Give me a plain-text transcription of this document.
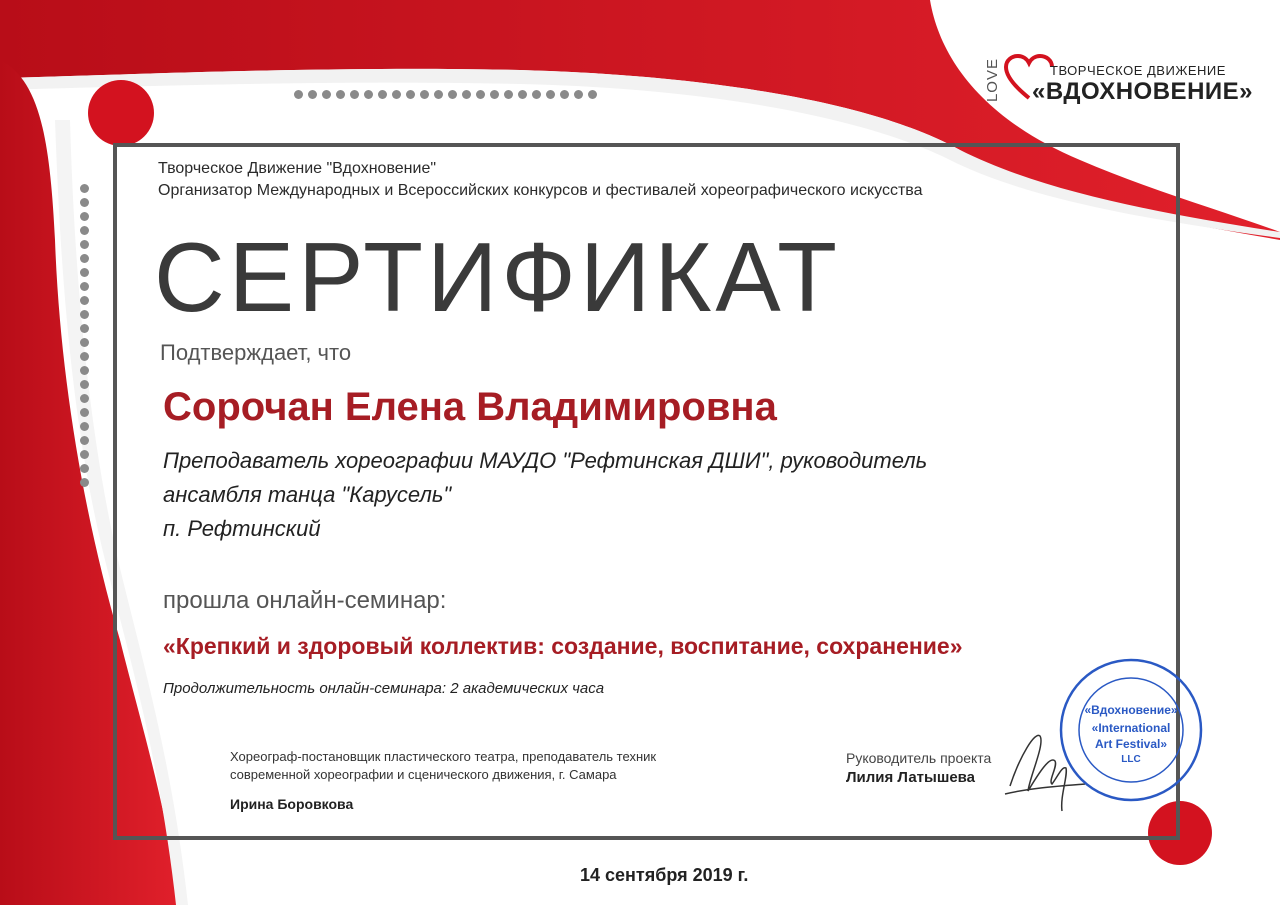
LOVE	ТВОРЧЕСКОЕ ДВИЖЕНИЕ
«ВДОХНОВЕНИЕ»
Творческое Движение "Вдохновение"
Организатор Международных и Всероссийских конкурсов и фестивалей хореографического искусства
СЕРТИФИКАТ
Подтверждает, что
Сорочан Елена Владимировна
Преподаватель хореографии МАУДО "Рефтинская ДШИ", руководитель
ансамбля танца "Карусель"
п. Рефтинский
прошла онлайн-семинар:
«Крепкий и здоровый коллектив: создание, воспитание, сохранение»
Продолжительность онлайн-семинара: 2 академических часа
Хореограф-постановщик пластического театра, преподаватель техник
современной хореографии и сценического движения, г. Самара
Ирина Боровкова
Руководитель проекта
Лилия Латышева
«Вдохновение»
«International
Art Festival»
LLC
14 сентября 2019 г.
